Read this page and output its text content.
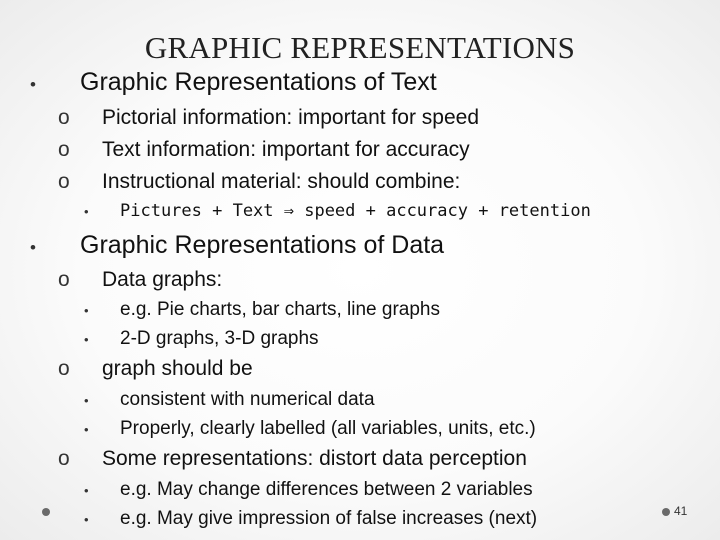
GRAPHIC REPRESENTATIONS
• Graphic Representations of Text
o Pictorial information: important for speed
o Text information: important for accuracy
o Instructional material: should combine:
• Pictures + Text ⇒ speed + accuracy + retention
• Graphic Representations of Data
o Data graphs:
• e.g. Pie charts, bar charts, line graphs
• 2-D graphs, 3-D graphs
o graph should be
• consistent with numerical data
• Properly, clearly labelled (all variables, units, etc.)
o Some representations: distort data perception
• e.g. May change differences between 2 variables
• e.g. May give impression of false increases (next)	41
